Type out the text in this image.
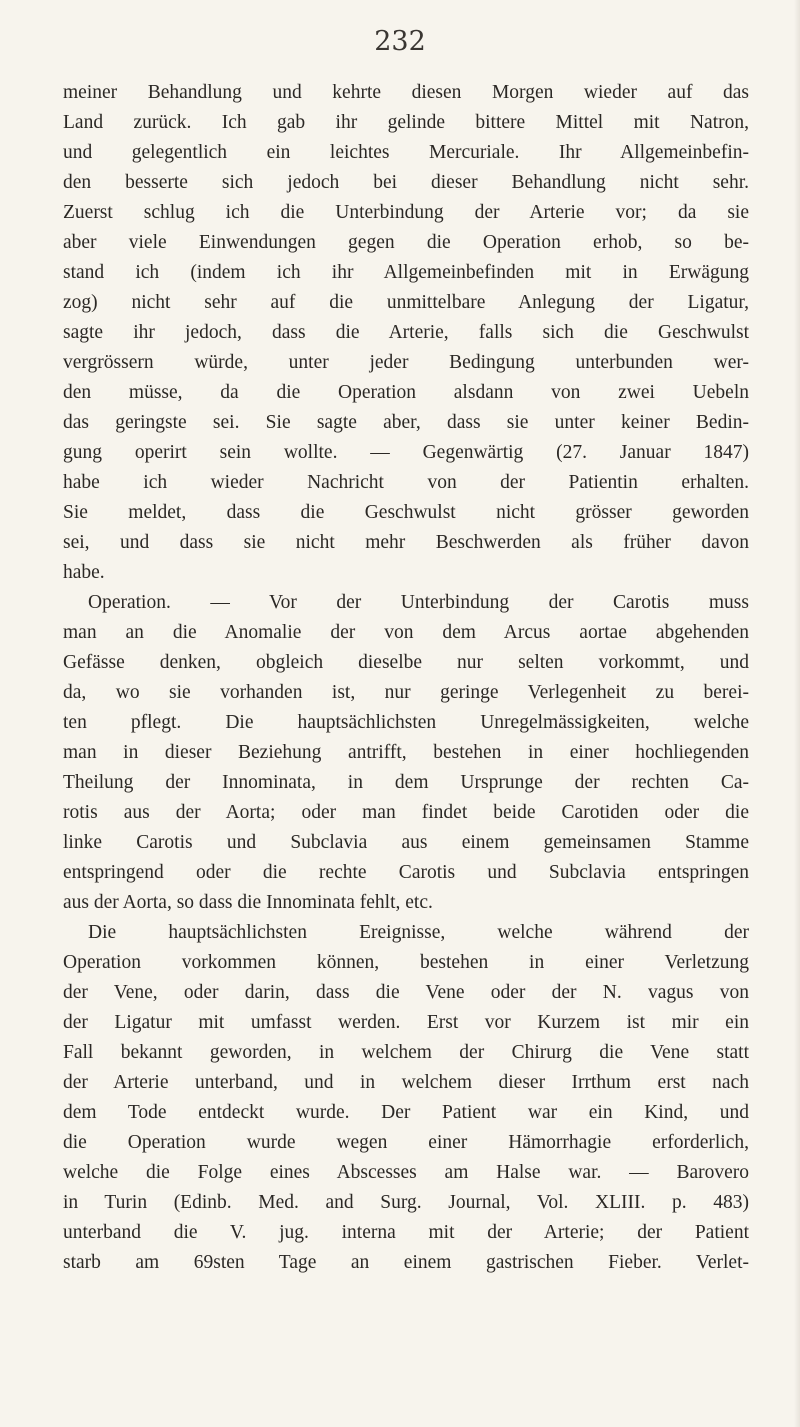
232
meiner Behandlung und kehrte diesen Morgen wieder auf das
Land zurück. Ich gab ihr gelinde bittere Mittel mit Natron,
und gelegentlich ein leichtes Mercuriale. Ihr Allgemeinbefin-
den besserte sich jedoch bei dieser Behandlung nicht sehr.
Zuerst schlug ich die Unterbindung der Arterie vor; da sie
aber viele Einwendungen gegen die Operation erhob, so be-
stand ich (indem ich ihr Allgemeinbefinden mit in Erwägung
zog) nicht sehr auf die unmittelbare Anlegung der Ligatur,
sagte ihr jedoch, dass die Arterie, falls sich die Geschwulst
vergrössern würde, unter jeder Bedingung unterbunden wer-
den müsse, da die Operation alsdann von zwei Uebeln
das geringste sei. Sie sagte aber, dass sie unter keiner Bedin-
gung operirt sein wollte. — Gegenwärtig (27. Januar 1847)
habe ich wieder Nachricht von der Patientin erhalten.
Sie meldet, dass die Geschwulst nicht grösser geworden
sei, und dass sie nicht mehr Beschwerden als früher davon
habe.
Operation. — Vor der Unterbindung der Carotis muss
man an die Anomalie der von dem Arcus aortae abgehenden
Gefässe denken, obgleich dieselbe nur selten vorkommt, und
da, wo sie vorhanden ist, nur geringe Verlegenheit zu berei-
ten pflegt. Die hauptsächlichsten Unregelmässigkeiten, welche
man in dieser Beziehung antrifft, bestehen in einer hochliegenden
Theilung der Innominata, in dem Ursprunge der rechten Ca-
rotis aus der Aorta; oder man findet beide Carotiden oder die
linke Carotis und Subclavia aus einem gemeinsamen Stamme
entspringend oder die rechte Carotis und Subclavia entspringen
aus der Aorta, so dass die Innominata fehlt, etc.
Die hauptsächlichsten Ereignisse, welche während der
Operation vorkommen können, bestehen in einer Verletzung
der Vene, oder darin, dass die Vene oder der N. vagus von
der Ligatur mit umfasst werden. Erst vor Kurzem ist mir ein
Fall bekannt geworden, in welchem der Chirurg die Vene statt
der Arterie unterband, und in welchem dieser Irrthum erst nach
dem Tode entdeckt wurde. Der Patient war ein Kind, und
die Operation wurde wegen einer Hämorrhagie erforderlich,
welche die Folge eines Abscesses am Halse war. — Barovero
in Turin (Edinb. Med. and Surg. Journal, Vol. XLIII. p. 483)
unterband die V. jug. interna mit der Arterie; der Patient
starb am 69sten Tage an einem gastrischen Fieber. Verlet-
